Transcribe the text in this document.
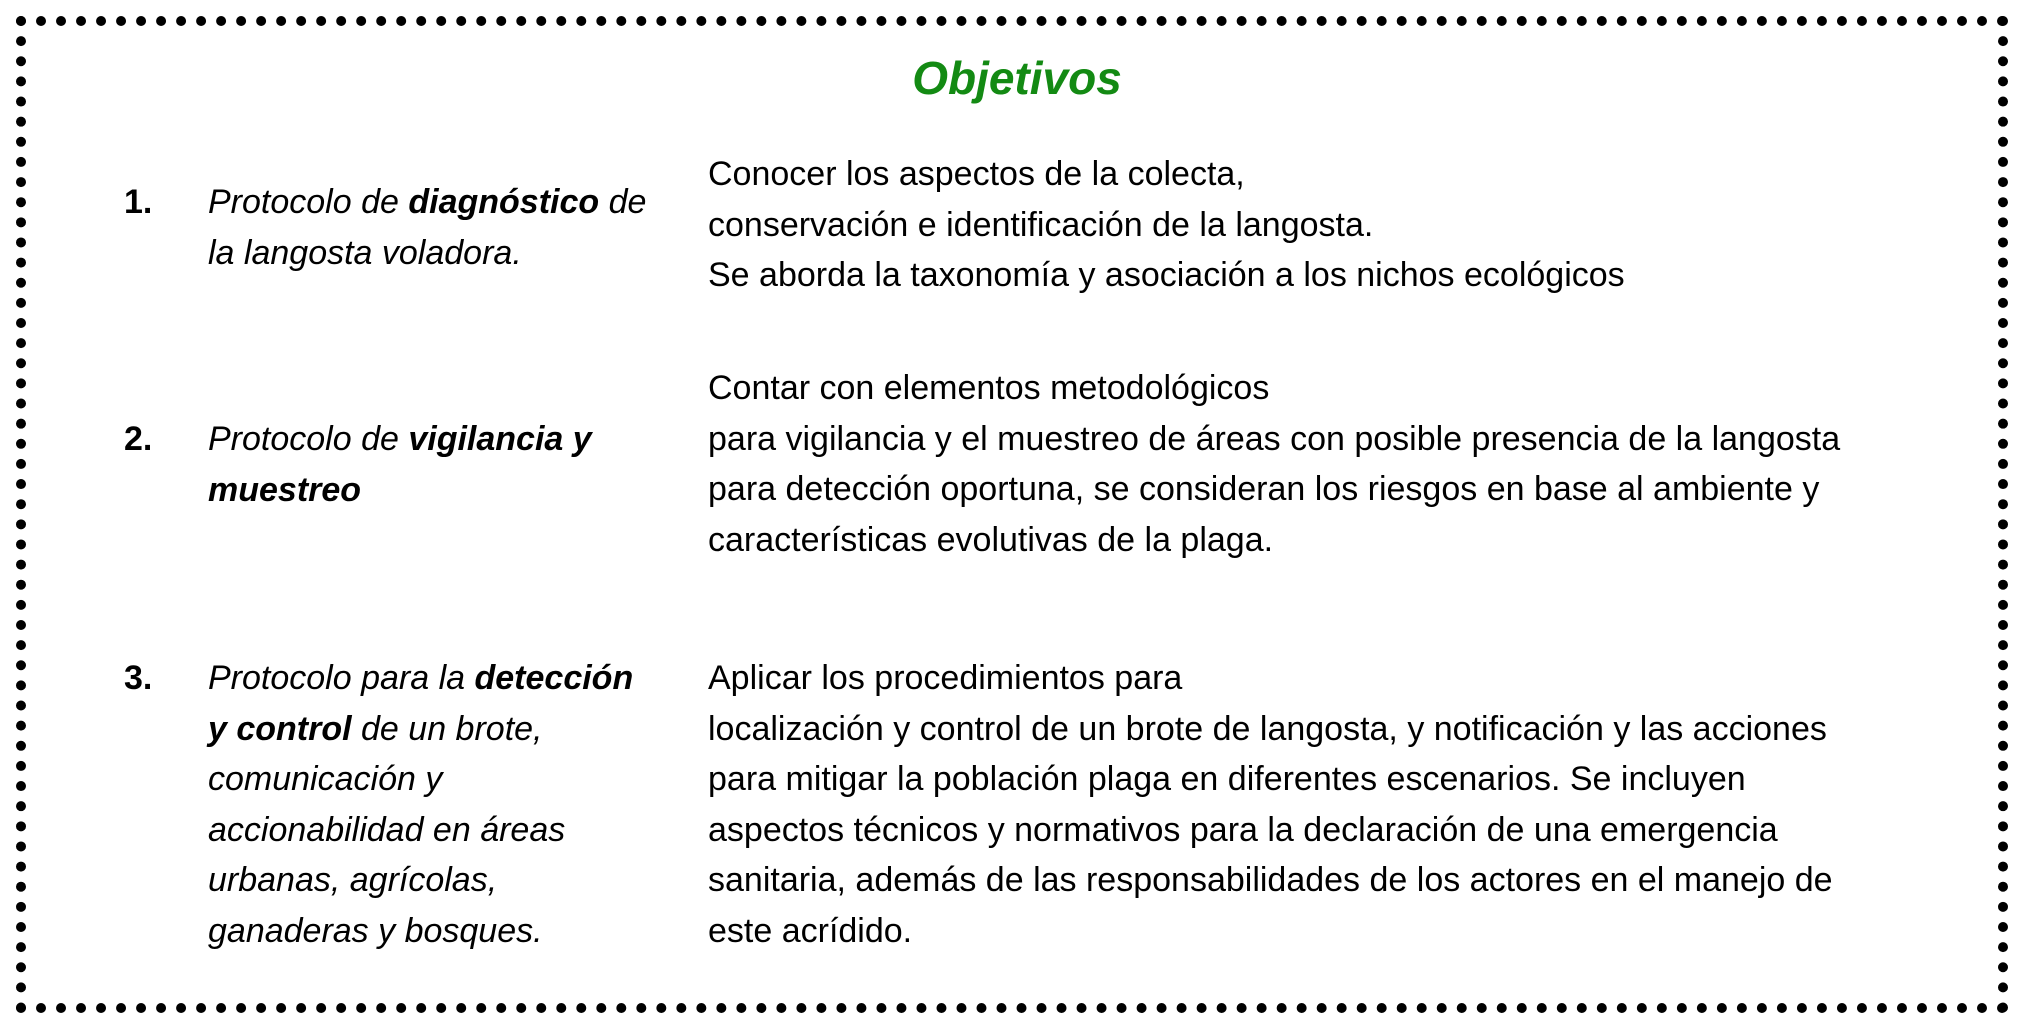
Objetivos
1. Protocolo de diagnóstico de la langosta voladora.
Conocer los aspectos de la colecta,
conservación e identificación de la langosta.
Se aborda la taxonomía y asociación a los nichos ecológicos
2. Protocolo de vigilancia y muestreo
Contar con elementos metodológicos
para vigilancia y el muestreo de áreas con posible presencia de la langosta
para detección oportuna, se consideran los riesgos en base al ambiente y
características evolutivas de la plaga.
3. Protocolo para la detección y control de un brote, comunicación y accionabilidad en áreas urbanas, agrícolas, ganaderas y bosques.
Aplicar los procedimientos para
localización y control de un brote de langosta, y notificación y las acciones
para mitigar la población plaga en diferentes escenarios. Se incluyen
aspectos técnicos y normativos para la declaración de una emergencia
sanitaria, además de las responsabilidades de los actores en el manejo de
este acrídido.
